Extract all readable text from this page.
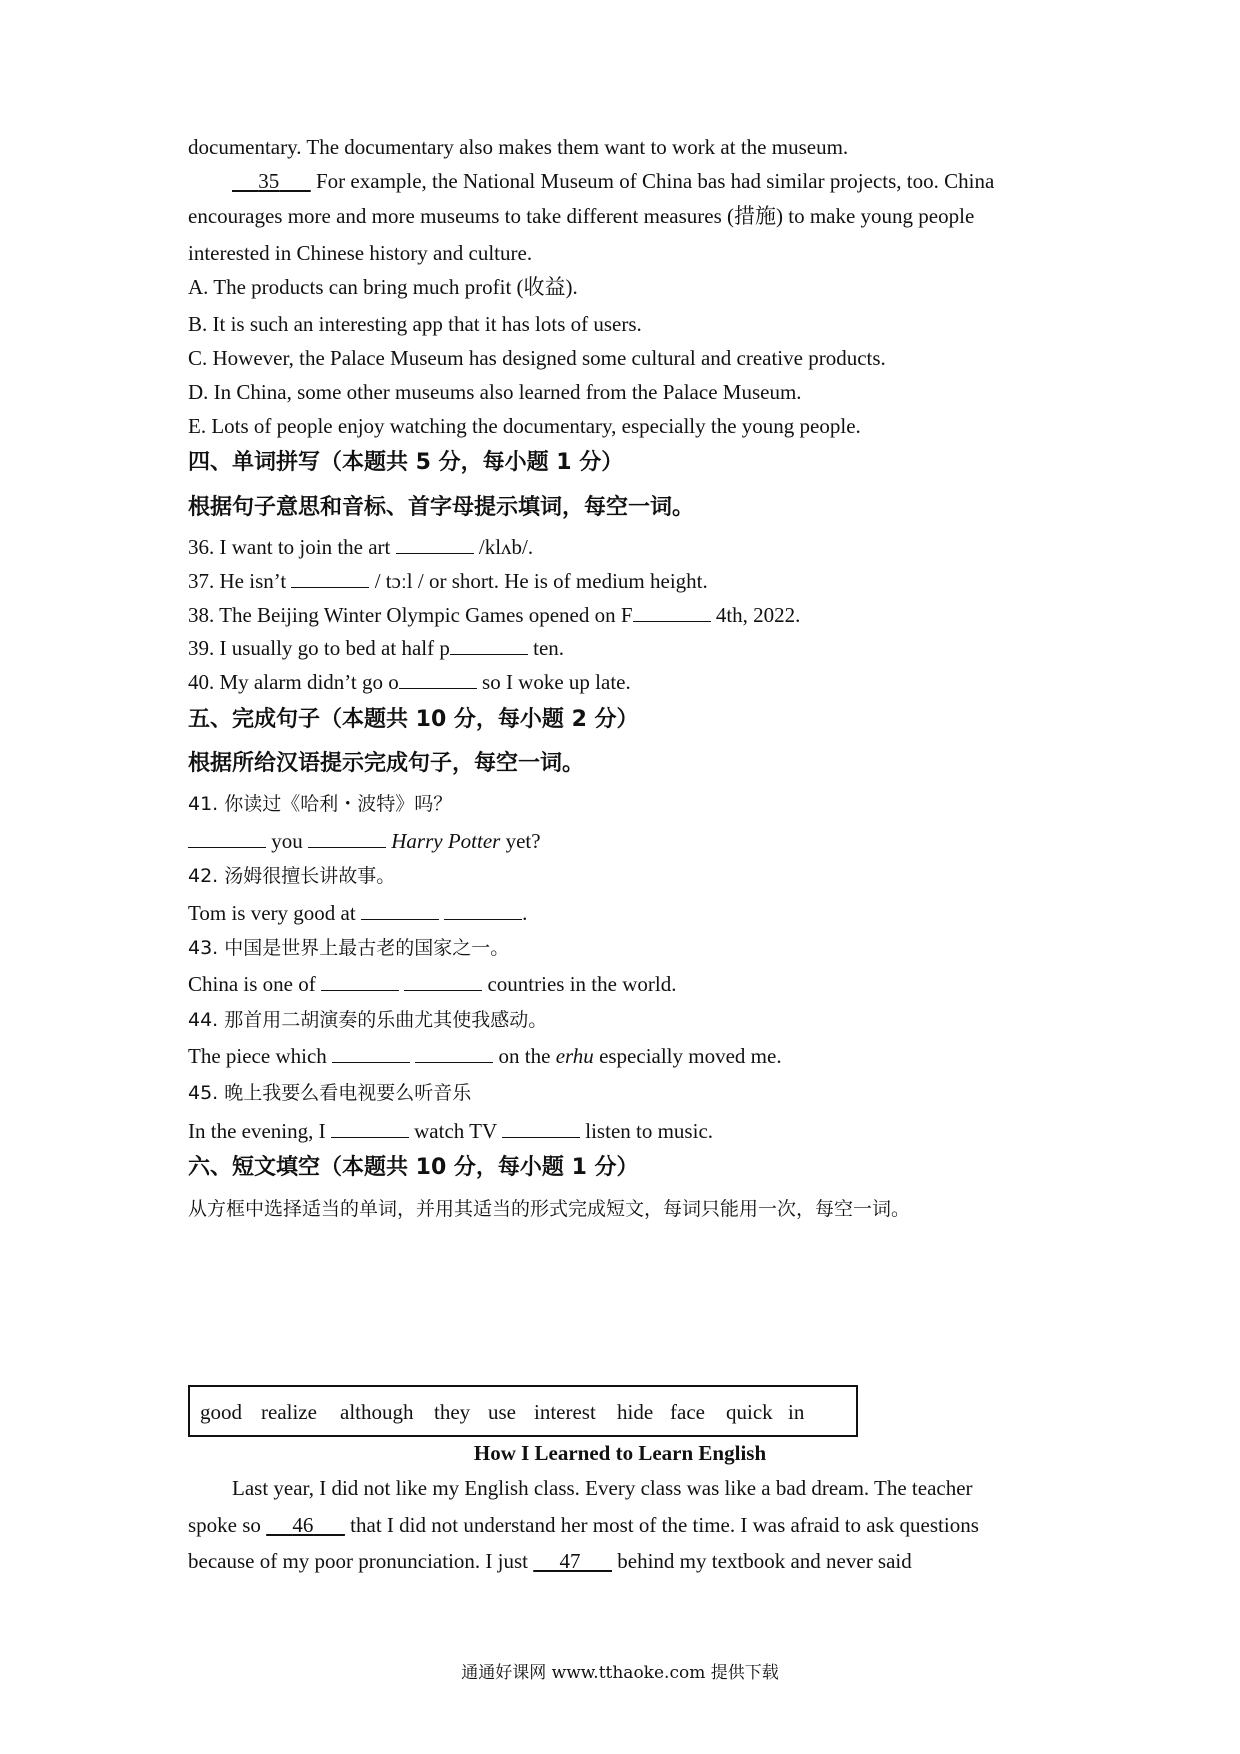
documentary. The documentary also makes them want to work at the museum.
35       For example, the National Museum of China bas had similar projects, too. China
encourages more and more museums to take different measures (措施) to make young people
interested in Chinese history and culture.
A. The products can bring much profit (收益).
B. It is such an interesting app that it has lots of users.
C. However, the Palace Museum has designed some cultural and creative products.
D. In China, some other museums also learned from the Palace Museum.
E. Lots of people enjoy watching the documentary, especially the young people.
四、单词拼写（本题共 5 分，每小题 1 分）
根据句子意思和音标、首字母提示填词，每空一词。
36. I want to join the art	/klʌb/.
37. He isn’t	/ tɔːl / or short. He is of medium height.
38. The Beijing Winter Olympic Games opened on F	4th, 2022.
39. I usually go to bed at half p	ten.
40. My alarm didn’t go o	so I woke up late.
五、完成句子（本题共 10 分，每小题 2 分）
根据所给汉语提示完成句子，每空一词。
41. 你读过《哈利・波特》吗？
you	Harry Potter yet?
42. 汤姆很擅长讲故事。
Tom is very good at	.
43. 中国是世界上最古老的国家之一。
China is one of	countries in the world.
44. 那首用二胡演奏的乐曲尤其使我感动。
The piece which	on the erhu especially moved me.
45. 晚上我要么看电视要么听音乐
In the evening, I	watch TV	listen to music.
六、短文填空（本题共 10 分，每小题 1 分）
从方框中选择适当的单词，并用其适当的形式完成短文，每词只能用一次，每空一词。
good realize although they use interest hide face quick in
How I Learned to Learn English
Last year, I did not like my English class. Every class was like a bad dream. The teacher
spoke so      46       that I did not understand her most of the time. I was afraid to ask questions
because of my poor pronunciation. I just      47       behind my textbook and never said
通通好课网 www.tthaoke.com 提供下载
